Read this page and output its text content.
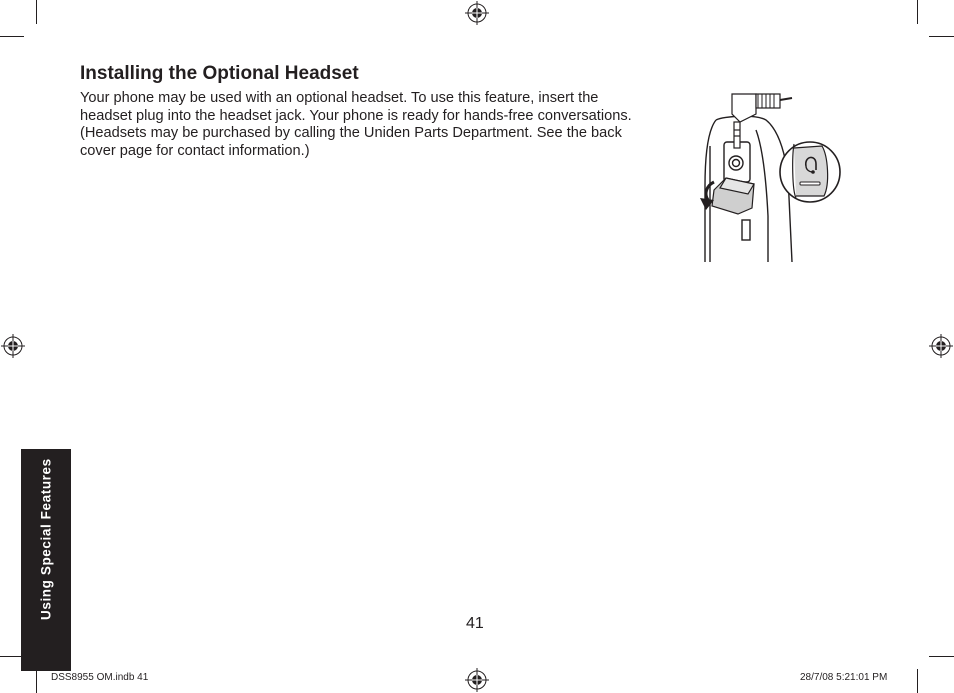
Installing the Optional Headset
Your phone may be used with an optional headset. To use this feature, insert the
headset plug into the headset jack. Your phone is ready for hands-free conversations.
(Headsets may be purchased by calling the Uniden Parts Department. See the back
cover page for contact information.)
Using Special Features
41
DSS8955 OM.indb 41	28/7/08 5:21:01 PM
